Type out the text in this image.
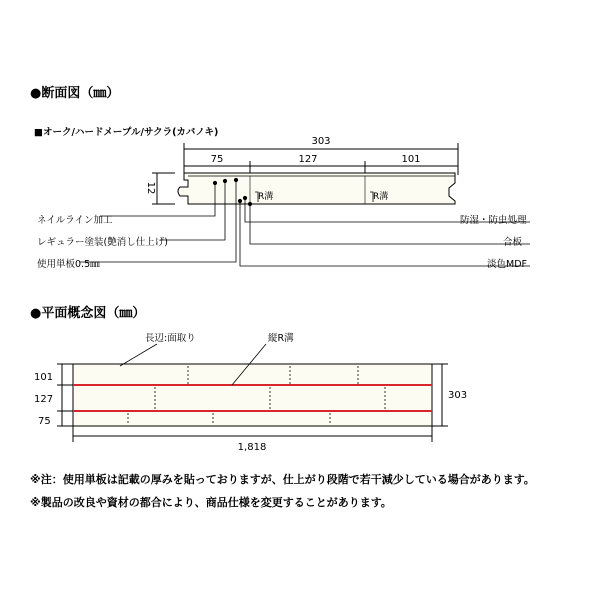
●断面図（㎜）
■オーク/ハードメープル/サクラ(カバノキ)
ネイルライン加工
レギュラー塗装(艶消し仕上げ)
使用単板0.5㎜
防湿・防虫処理
合板
淡色MDF
●平面概念図（㎜）
※注：使用単板は記載の厚みを貼っておりますが、仕上がり段階で若干減少している場合があります。
※製品の改良や資材の都合により、商品仕様を変更することがあります。
303
75	127	101
12
R溝	R溝
長辺:面取り	縦R溝
101
127
75
303
1,818
